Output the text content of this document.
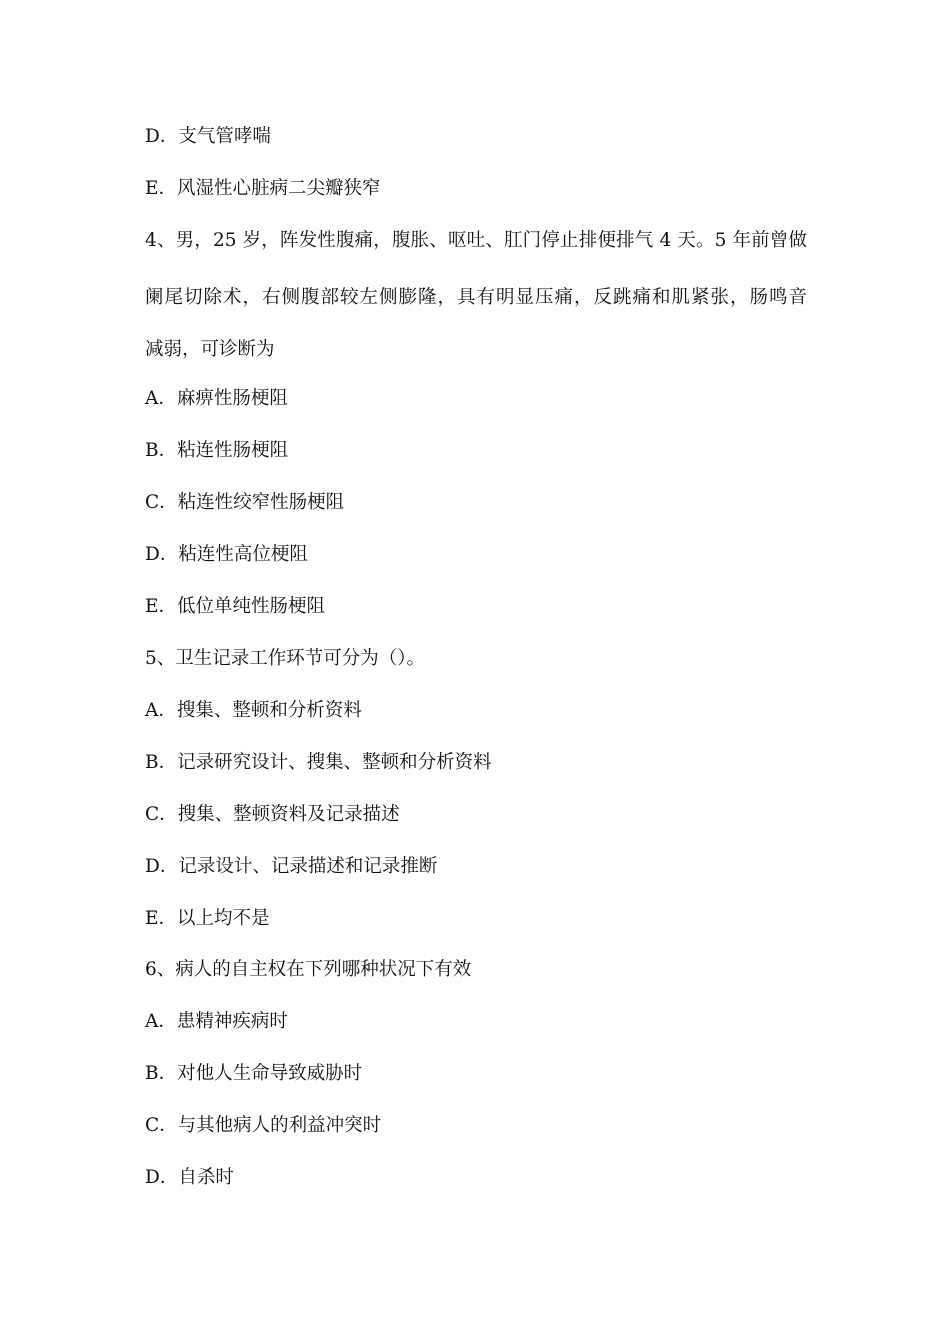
D．支气管哮喘
E．风湿性心脏病二尖瓣狭窄
4、男，25 岁，阵发性腹痛，腹胀、呕吐、肛门停止排便排气 4 天。5 年前曾做
阑尾切除术，右侧腹部较左侧膨隆，具有明显压痛，反跳痛和肌紧张，肠鸣音
减弱，可诊断为
A．麻痹性肠梗阻
B．粘连性肠梗阻
C．粘连性绞窄性肠梗阻
D．粘连性高位梗阻
E．低位单纯性肠梗阻
5、卫生记录工作环节可分为（）。
A．搜集、整顿和分析资料
B．记录研究设计、搜集、整顿和分析资料
C．搜集、整顿资料及记录描述
D．记录设计、记录描述和记录推断
E．以上均不是
6、病人的自主权在下列哪种状况下有效
A．患精神疾病时
B．对他人生命导致威胁时
C．与其他病人的利益冲突时
D．自杀时
